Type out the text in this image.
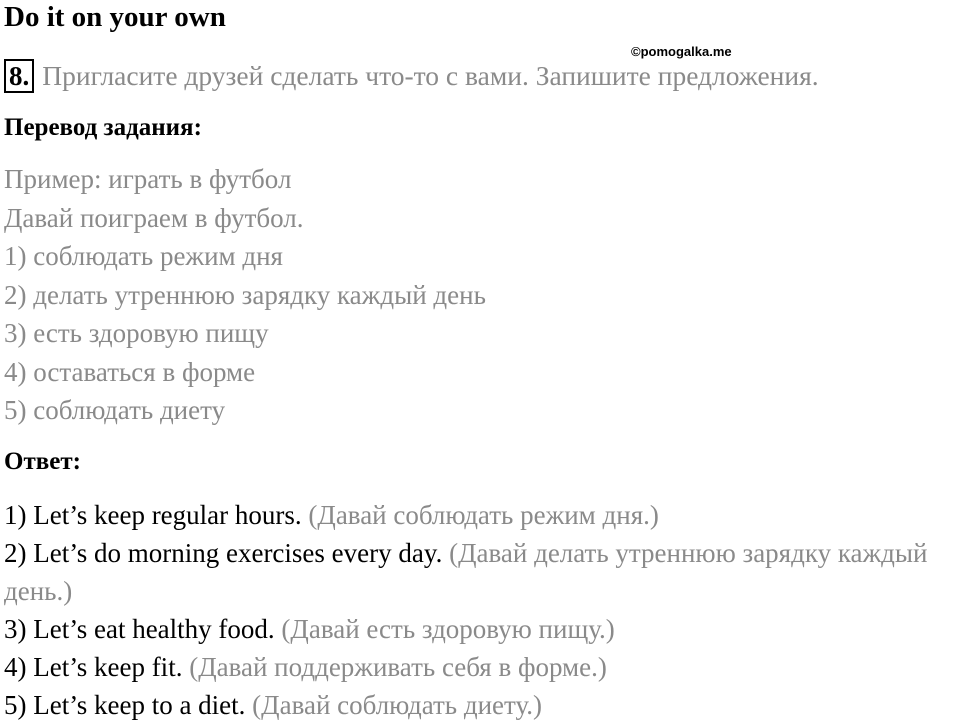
Do it on your own
©pomogalka.me
8. Пригласите друзей сделать что-то с вами. Запишите предложения.
Перевод задания:
Пример: играть в футбол
Давай поиграем в футбол.
1) соблюдать режим дня
2) делать утреннюю зарядку каждый день
3) есть здоровую пищу
4) оставаться в форме
5) соблюдать диету
Ответ:
1) Let’s keep regular hours. (Давай соблюдать режим дня.)
2) Let’s do morning exercises every day. (Давай делать утреннюю зарядку каждый день.)
3) Let’s eat healthy food. (Давай есть здоровую пищу.)
4) Let’s keep fit. (Давай поддерживать себя в форме.)
5) Let’s keep to a diet. (Давай соблюдать диету.)
